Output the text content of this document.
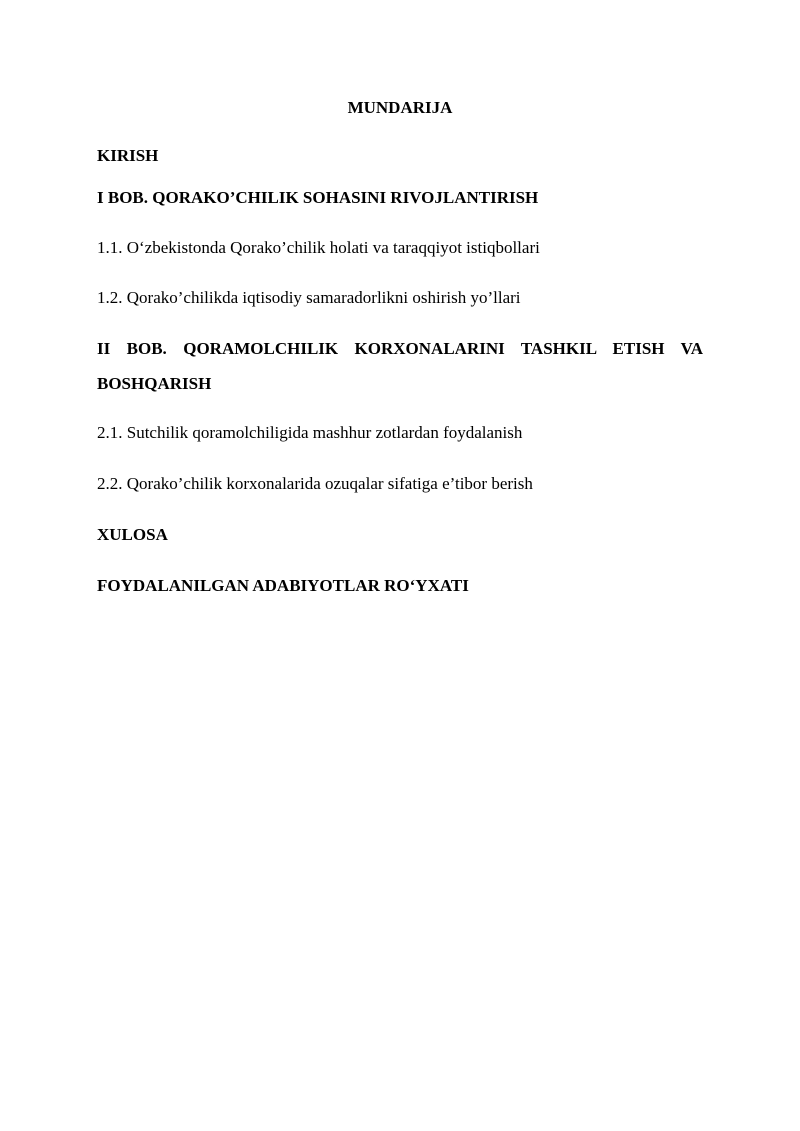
MUNDARIJA
KIRISH
I BOB. QORAKO’CHILIK SOHASINI RIVOJLANTIRISH
1.1. O‘zbekistonda Qorako’chilik holati va taraqqiyot istiqbollari
1.2. Qorako’chilikda iqtisodiy samaradorlikni oshirish yo’llari
II BOB. QORAMOLCHILIK KORXONALARINI TASHKIL ETISH VA BOSHQARISH
2.1. Sutchilik qoramolchiligida mashhur zotlardan foydalanish
2.2. Qorako’chilik korxonalarida ozuqalar sifatiga e’tibor berish
XULOSA
FOYDALANILGAN ADABIYOTLAR RO‘YXATI
